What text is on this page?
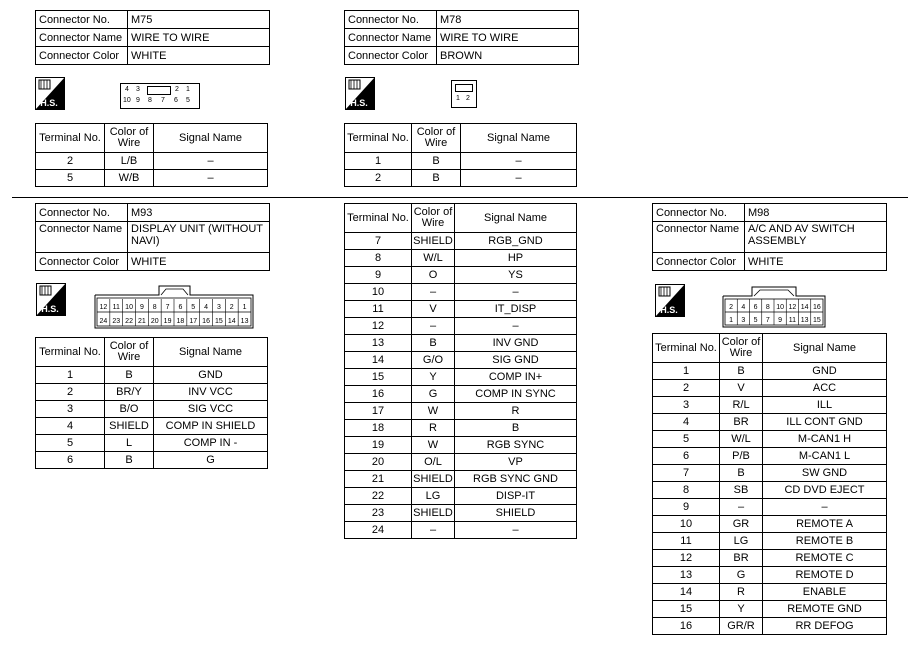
Connector No.	M75
Connector Name	WIRE TO WIRE
Connector Color	WHITE
H.S.
4 3	2 1
10 9 8 7 6 5
Terminal No.	Color of Wire	Signal Name
2	L/B	–
5	W/B	–
Connector No.	M78
Connector Name	WIRE TO WIRE
Connector Color	BROWN
H.S.	1 2
Terminal No.	Color of Wire	Signal Name
1	B	–
2	B	–
Connector No.	M93
Connector Name	DISPLAY UNIT (WITHOUT NAVI)
Connector Color	WHITE
H.S.	12
24
11
23
10
22
9
21
8
20
7
19
6
18
5
17
4
16
3
15
2
14
1
13
Terminal No.	Color of Wire	Signal Name
1	B	GND
2	BR/Y	INV VCC
3	B/O	SIG VCC
4	SHIELD	COMP IN SHIELD
5	L	COMP IN -
6	B	G
Terminal No.	Color of Wire	Signal Name
7	SHIELD	RGB_GND
8	W/L	HP
9	O	YS
10	–	–
11	V	IT_DISP
12	–	–
13	B	INV GND
14	G/O	SIG GND
15	Y	COMP IN+
16	G	COMP IN SYNC
17	W	R
18	R	B
19	W	RGB SYNC
20	O/L	VP
21	SHIELD	RGB SYNC GND
22	LG	DISP-IT
23	SHIELD	SHIELD
24	–	–
Connector No.	M98
Connector Name	A/C AND AV SWITCH ASSEMBLY
Connector Color	WHITE
H.S.	2
1
4
3
6
5
8
7
10
9
12
11
14
13
16
15
Terminal No.	Color of Wire	Signal Name
1	B	GND
2	V	ACC
3	R/L	ILL
4	BR	ILL CONT GND
5	W/L	M-CAN1 H
6	P/B	M-CAN1 L
7	B	SW GND
8	SB	CD DVD EJECT
9	–	–
10	GR	REMOTE A
11	LG	REMOTE B
12	BR	REMOTE C
13	G	REMOTE D
14	R	ENABLE
15	Y	REMOTE GND
16	GR/R	RR DEFOG
